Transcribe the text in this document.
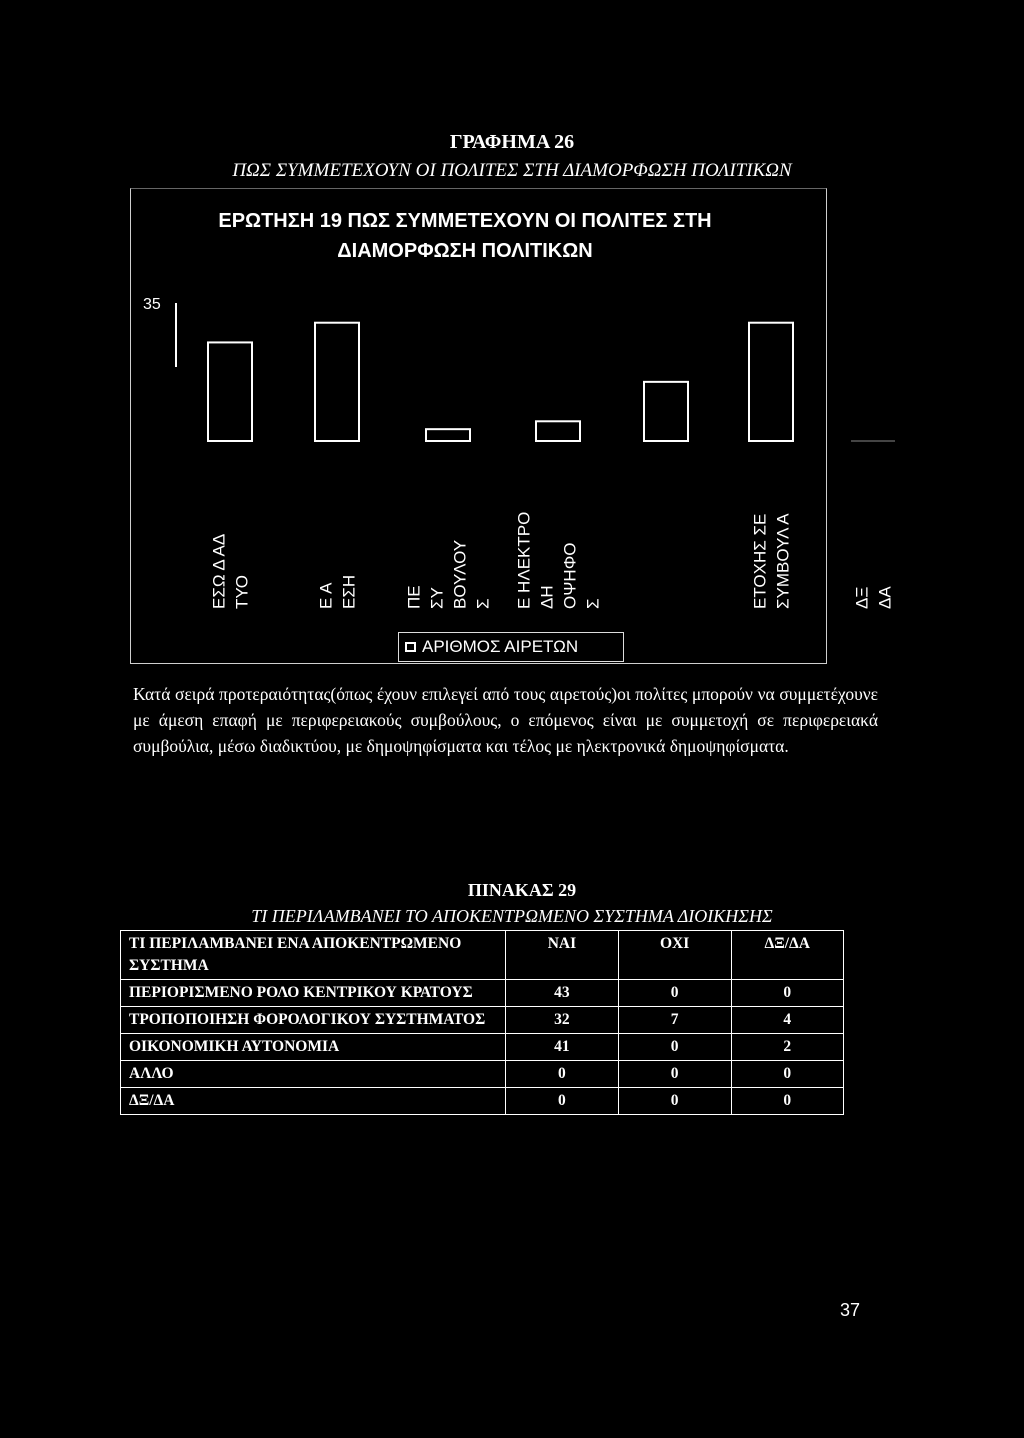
ΓΡΑΦΗΜΑ 26
ΠΩΣ ΣΥΜΜΕΤΕΧΟΥΝ ΟΙ ΠΟΛΙΤΕΣ ΣΤΗ ΔΙΑΜΟΡΦΩΣΗ ΠΟΛΙΤΙΚΩΝ
ΕΡΩΤΗΣΗ 19 ΠΩΣ ΣΥΜΜΕΤΕΧΟΥΝ ΟΙ ΠΟΛΙΤΕΣ ΣΤΗ
ΔΙΑΜΟΡΦΩΣΗ ΠΟΛΙΤΙΚΩΝ
35
ΕΣΩ Δ ΑΔ ΤΥΟ	Ε Α ΕΣΗ	ΠΕ ΣΥ ΒΟΥΛΟΥ Σ Ε ΗΛΕΚΤΡΟ ΔΗ ΟΨΗΦΟ Σ	ΕΤΟΧΗΣ ΣΕ ΣΥΜΒΟΥΛ Α	ΔΞ ΔΑ
ΑΡΙΘΜΟΣ ΑΙΡΕΤΩΝ
Κατά σειρά προτεραιότητας(όπως έχουν επιλεγεί από τους αιρετούς)οι πολίτες μπορούν να συμμετέχουνε με άμεση επαφή με περιφερειακούς συμβούλους, ο επόμενος είναι με συμμετοχή σε περιφερειακά συμβούλια, μέσω διαδικτύου, με δημοψηφίσματα και τέλος με ηλεκτρονικά δημοψηφίσματα.
ΠΙΝΑΚΑΣ 29
ΤΙ ΠΕΡΙΛΑΜΒΑΝΕΙ ΤΟ ΑΠΟΚΕΝΤΡΩΜΕΝΟ ΣΥΣΤΗΜΑ ΔΙΟΙΚΗΣΗΣ
ΤΙ ΠΕΡΙΛΑΜΒΑΝΕΙ ΕΝΑ ΑΠΟΚΕΝΤΡΩΜΕΝΟ ΣΥΣΤΗΜΑ	ΝΑΙ	ΟΧΙ	ΔΞ/ΔΑ
ΠΕΡΙΟΡΙΣΜΕΝΟ ΡΟΛΟ ΚΕΝΤΡΙΚΟΥ ΚΡΑΤΟΥΣ	43	0	0
ΤΡΟΠΟΠΟΙΗΣΗ ΦΟΡΟΛΟΓΙΚΟΥ ΣΥΣΤΗΜΑΤΟΣ	32	7	4
ΟΙΚΟΝΟΜΙΚΗ ΑΥΤΟΝΟΜΙΑ	41	0	2
ΑΛΛΟ	0	0	0
ΔΞ/ΔΑ	0	0	0
37
